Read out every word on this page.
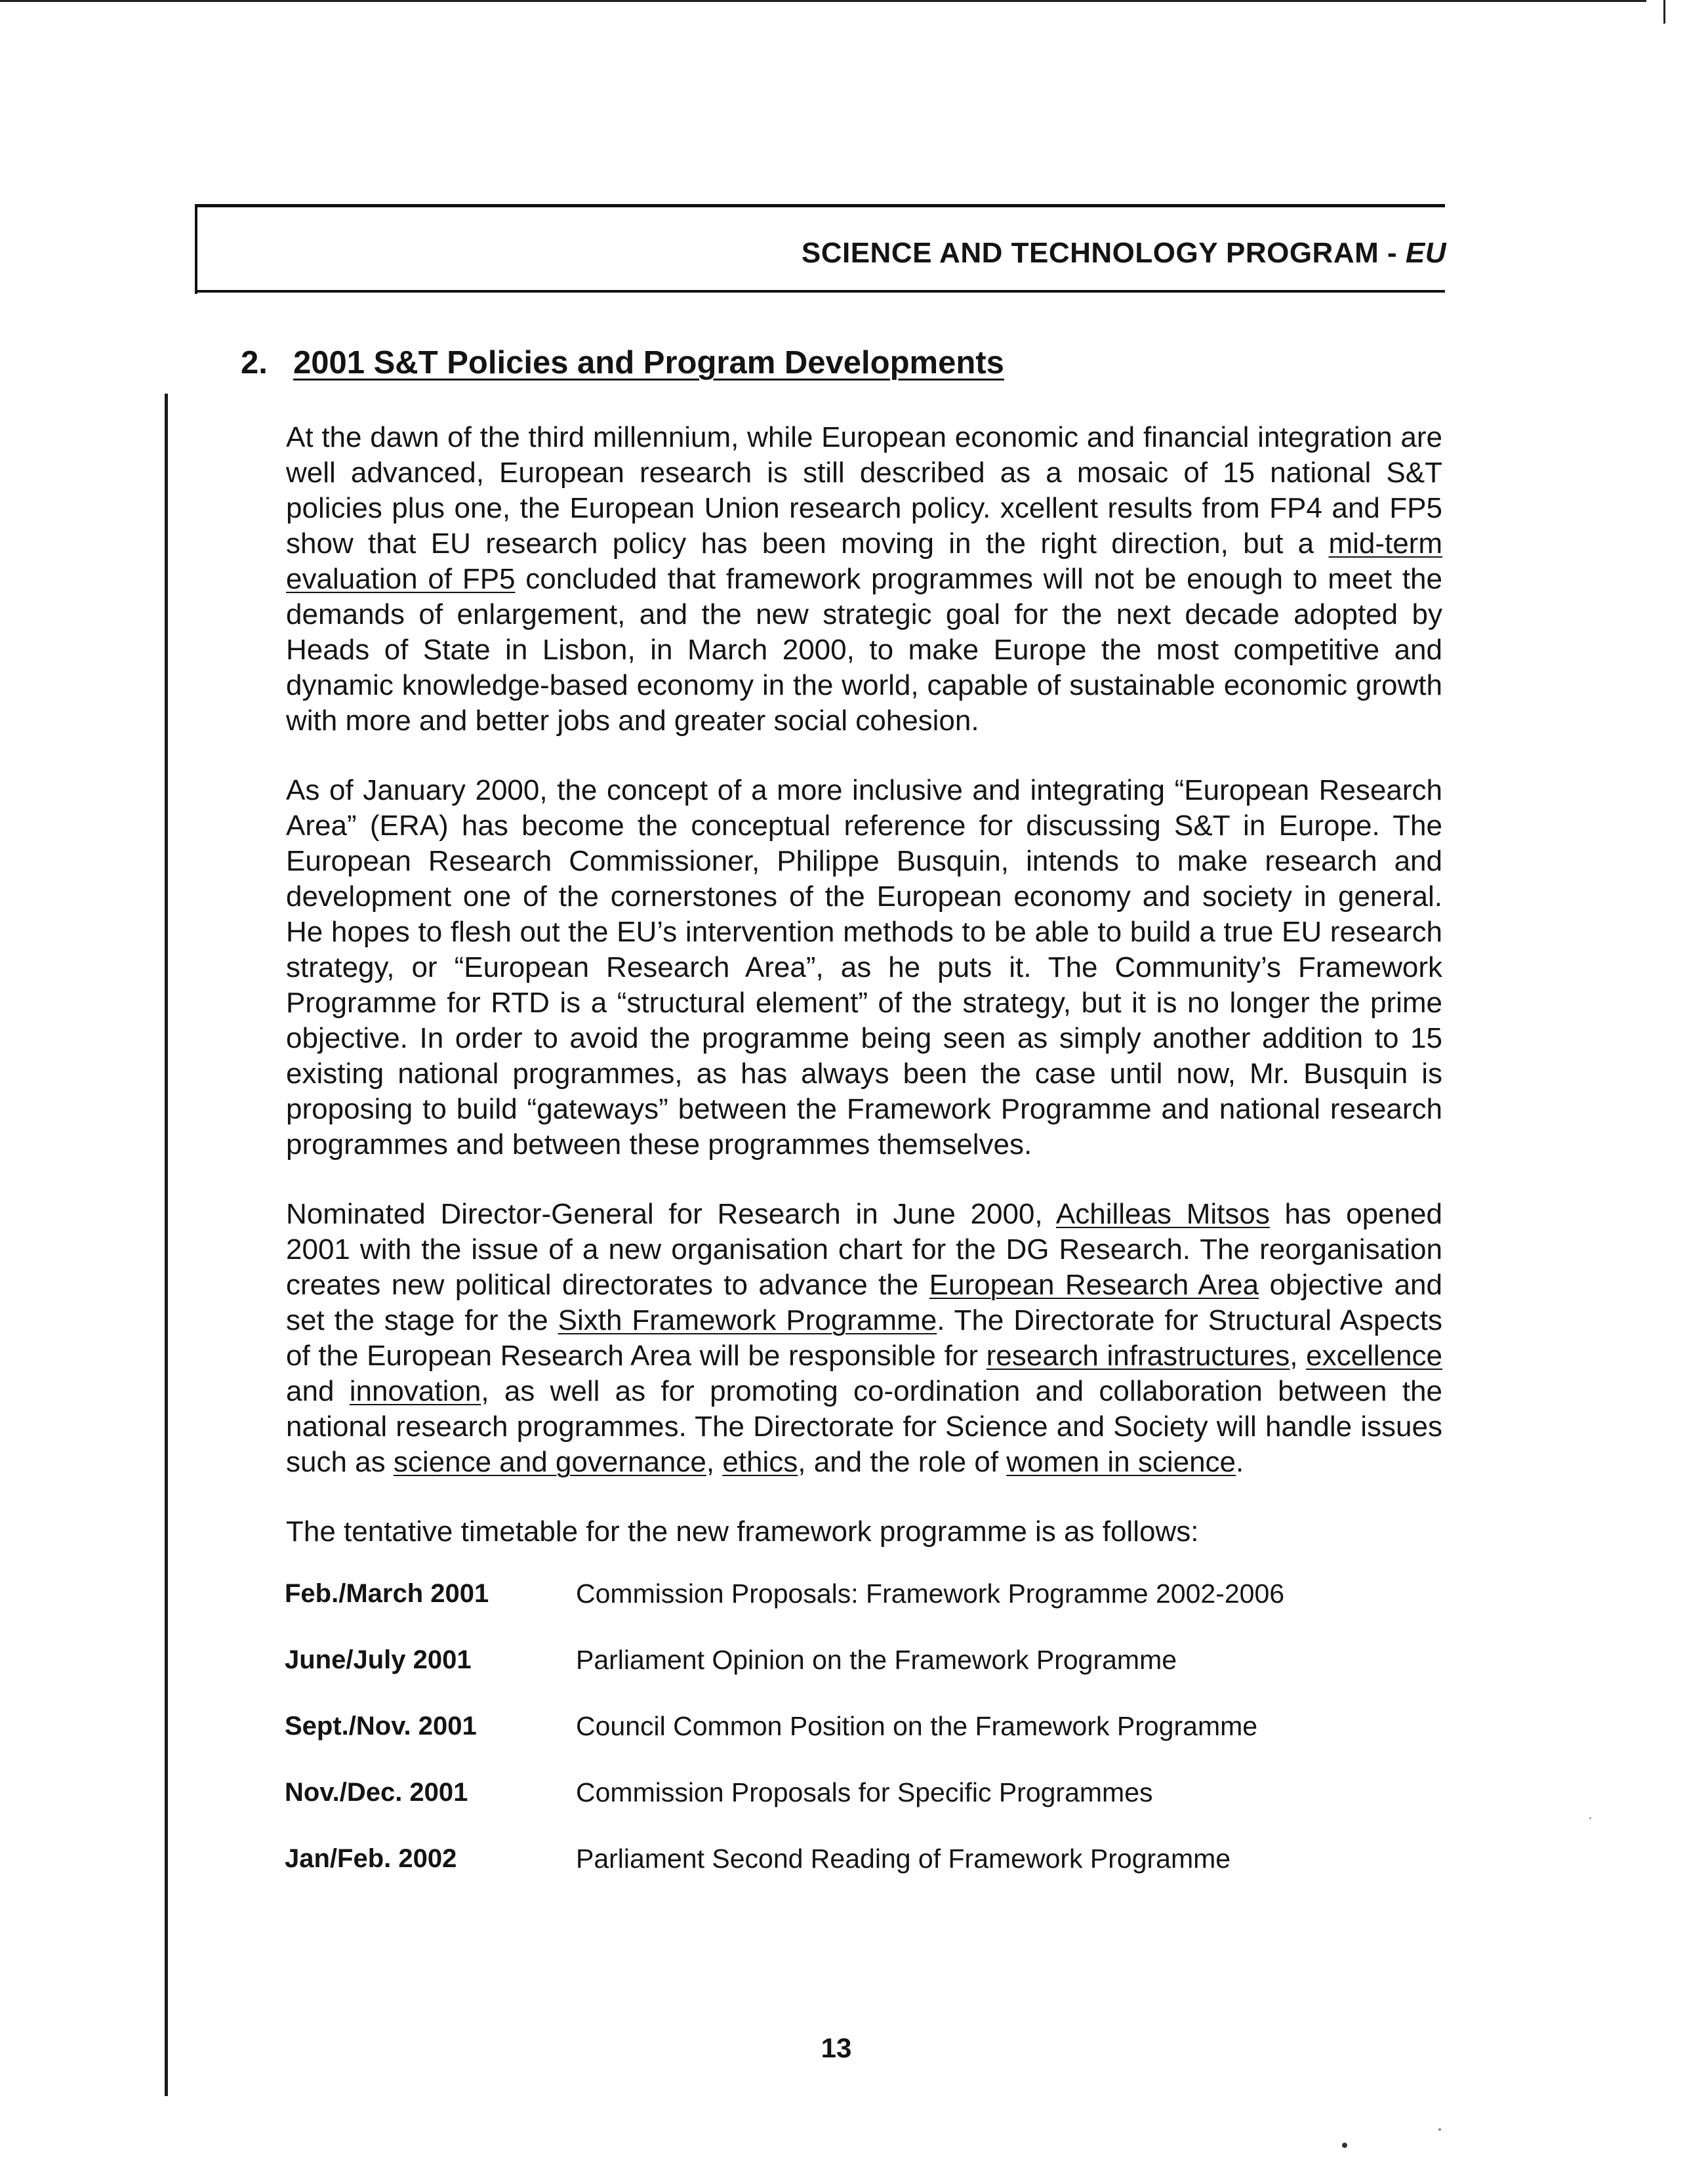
SCIENCE AND TECHNOLOGY PROGRAM - EU
2. 2001 S&T Policies and Program Developments

At the dawn of the third millennium, while European economic and financial integration are well advanced, European research is still described as a mosaic of 15 national S&T policies plus one, the European Union research policy. xcellent results from FP4 and FP5 show that EU research policy has been moving in the right direction, but a mid-term evaluation of FP5 concluded that framework programmes will not be enough to meet the demands of enlargement, and the new strategic goal for the next decade adopted by Heads of State in Lisbon, in March 2000, to make Europe the most competitive and dynamic knowledge-based economy in the world, capable of sustainable economic growth with more and better jobs and greater social cohesion.

As of January 2000, the concept of a more inclusive and integrating “European Research Area” (ERA) has become the conceptual reference for discussing S&T in Europe. The European Research Commissioner, Philippe Busquin, intends to make research and development one of the cornerstones of the European economy and society in general. He hopes to flesh out the EU’s intervention methods to be able to build a true EU research strategy, or “European Research Area”, as he puts it. The Community’s Framework Programme for RTD is a “structural element” of the strategy, but it is no longer the prime objective. In order to avoid the programme being seen as simply another addition to 15 existing national programmes, as has always been the case until now, Mr. Busquin is proposing to build “gateways” between the Framework Programme and national research programmes and between these programmes themselves.

Nominated Director-General for Research in June 2000, Achilleas Mitsos has opened 2001 with the issue of a new organisation chart for the DG Research. The reorganisation creates new political directorates to advance the European Research Area objective and set the stage for the Sixth Framework Programme. The Directorate for Structural Aspects of the European Research Area will be responsible for research infrastructures, excellence and innovation, as well as for promoting co-ordination and collaboration between the national research programmes. The Directorate for Science and Society will handle issues such as science and governance, ethics, and the role of women in science.

The tentative timetable for the new framework programme is as follows:

Feb./March 2001	Commission Proposals: Framework Programme 2002-2006
June/July 2001	Parliament Opinion on the Framework Programme
Sept./Nov. 2001	Council Common Position on the Framework Programme
Nov./Dec. 2001	Commission Proposals for Specific Programmes
Jan/Feb. 2002	Parliament Second Reading of Framework Programme
13
